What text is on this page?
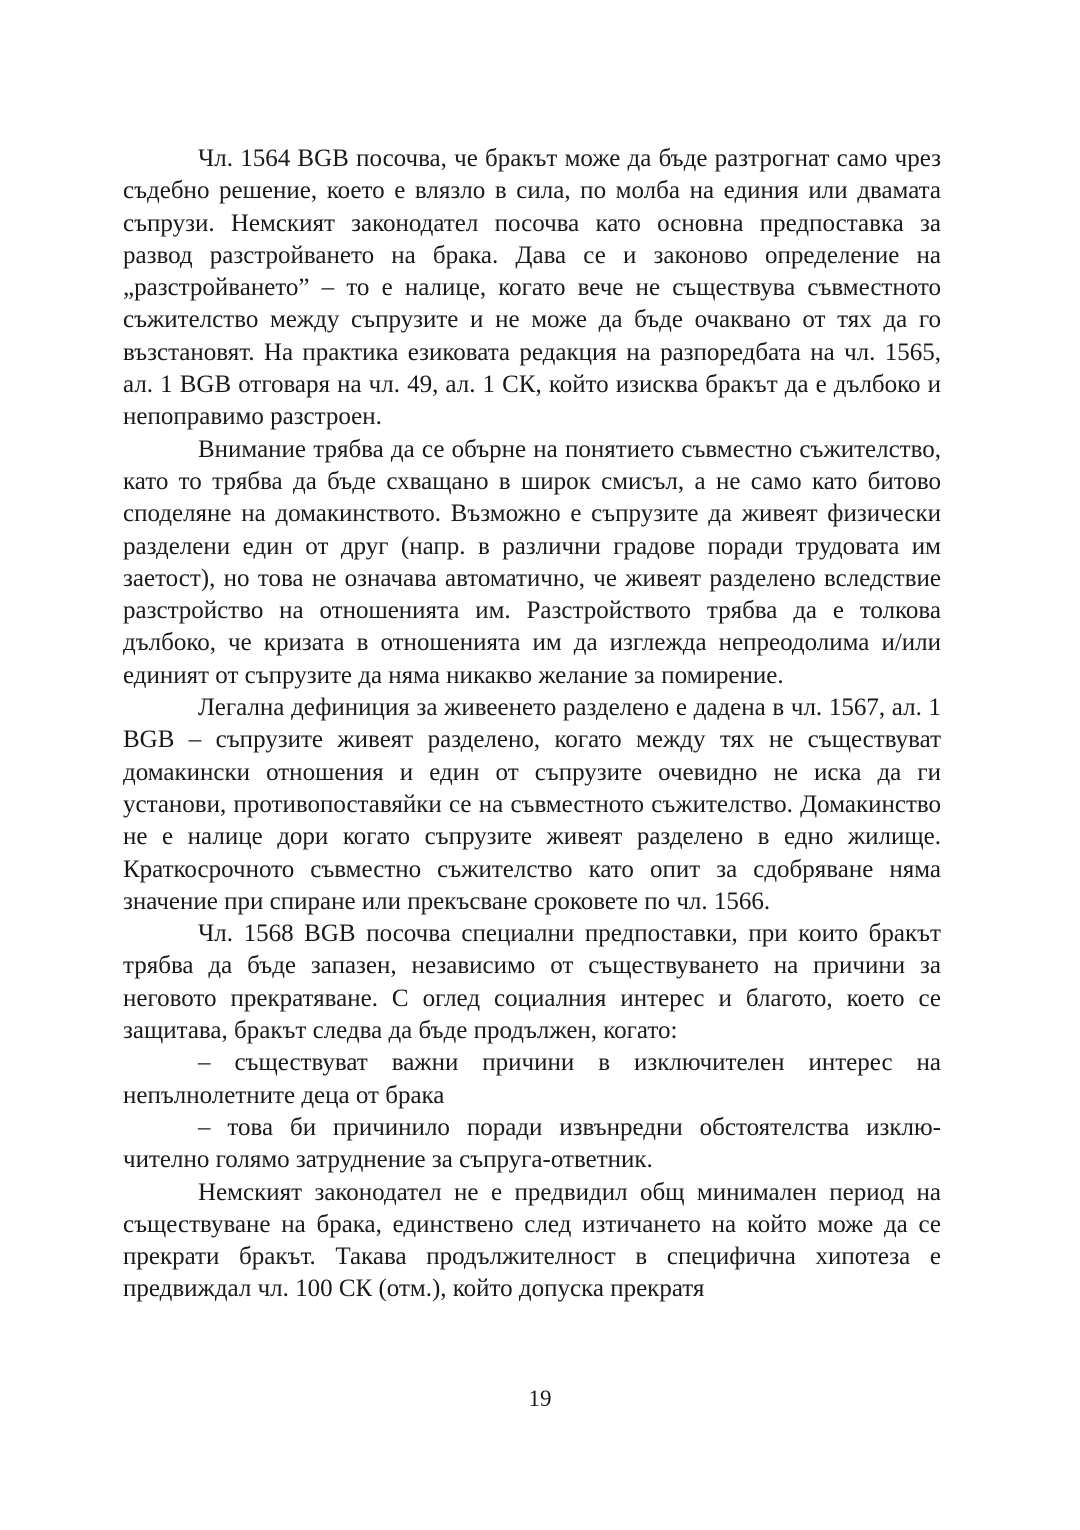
Чл. 1564 BGB посочва, че бракът може да бъде разтрогнат само чрез съдебно решение, което е влязло в сила, по молба на единия или двамата съпрузи. Немският законодател посочва като основна предпоставка за развод разстройването на брака. Дава се и законово определение на „разстройването” – то е налице, когато вече не съществува съвместното съжителство между съпрузите и не може да бъде очаквано от тях да го възстановят. На практика езиковата редакция на разпоредбата на чл. 1565, ал. 1 BGB отговаря на чл. 49, ал. 1 СК, който изисква бракът да е дълбоко и непоправимо разстроен.

Внимание трябва да се обърне на понятието съвместно съжителство, като то трябва да бъде схващано в широк смисъл, а не само като битово споделяне на домакинството. Възможно е съпрузите да живеят физически разделени един от друг (напр. в различни градове поради трудовата им заетост), но това не означава автоматично, че живеят разделено вследствие разстройство на отношенията им. Разстройството трябва да е толкова дълбоко, че кризата в отношенията им да изглежда непреодолима и/или единият от съпрузите да няма никакво желание за помирение.

Легална дефиниция за живеенето разделено е дадена в чл. 1567, ал. 1 BGB – съпрузите живеят разделено, когато между тях не съществуват домакински отношения и един от съпрузите очевидно не иска да ги установи, противопоставяйки се на съвместното съжителство. Домакинство не е налице дори когато съпрузите живеят разделено в едно жилище. Краткосрочното съвместно съжителство като опит за сдобряване няма значение при спиране или прекъсване сроковете по чл. 1566.

Чл. 1568 BGB посочва специални предпоставки, при които бракът трябва да бъде запазен, независимо от съществуването на причини за неговото прекратяване. С оглед социалния интерес и благото, което се защитава, бракът следва да бъде продължен, когато:

– съществуват важни причини в изключителен интерес на непълнолетните деца от брака

– това би причинило поради извънредни обстоятелства изключително голямо затруднение за съпруга-ответник.

Немският законодател не е предвидил общ минимален период на съществуване на брака, единствено след изтичането на който може да се прекрати бракът. Такава продължителност в специфична хипотеза е предвиждал чл. 100 СК (отм.), който допуска прекратя

19
